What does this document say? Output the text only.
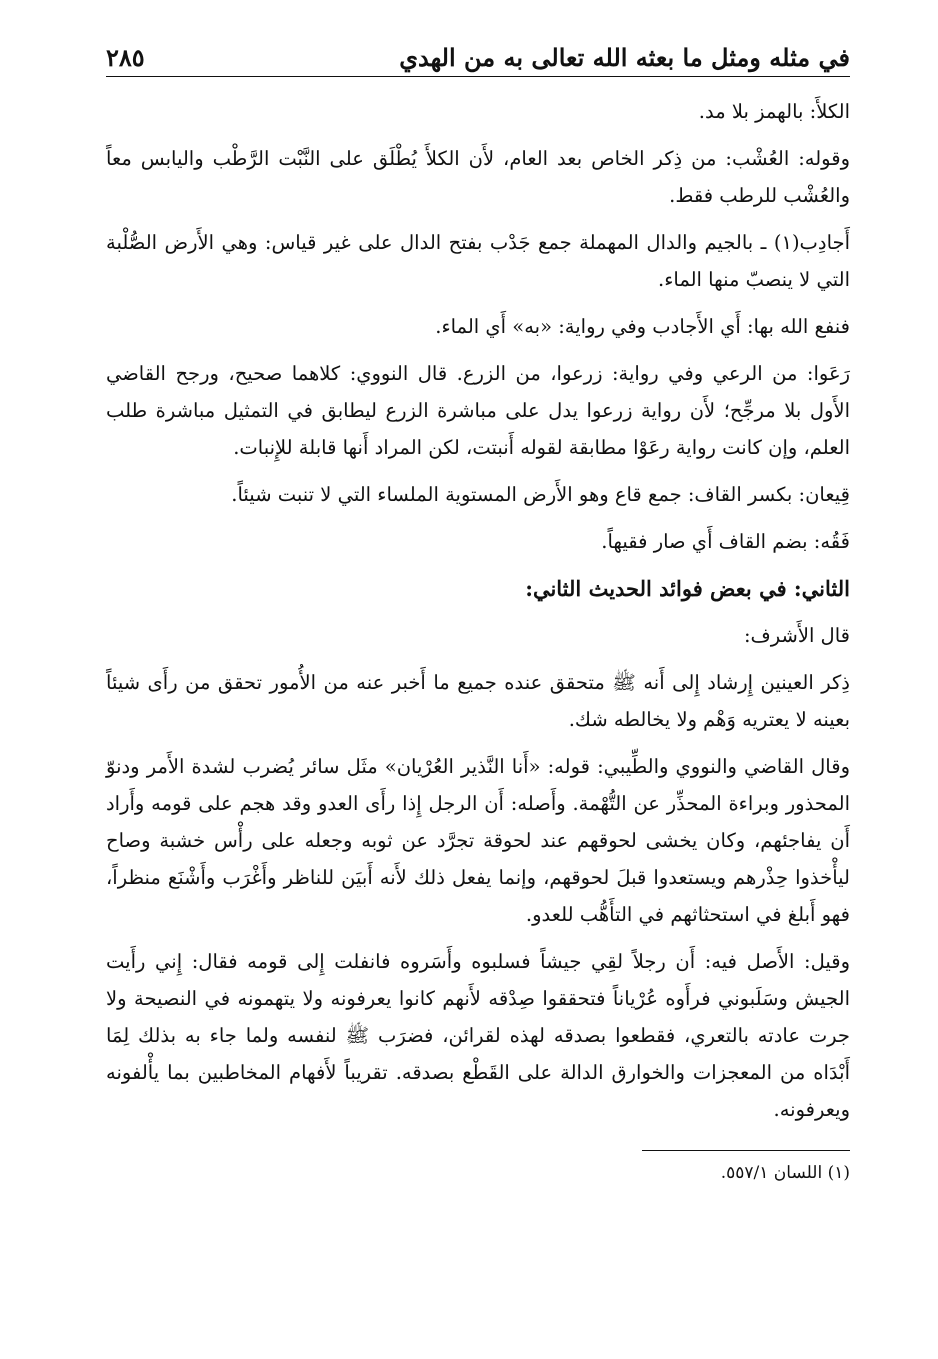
في مثله ومثل ما بعثه الله تعالى به من الهدي
٢٨٥

الكلأَ: بالهمز بلا مد.

وقوله: العُشْب: من ذِكر الخاص بعد العام، لأَن الكلأَ يُطْلَق على النَّبْت الرَّطْب واليابس معاً والعُشْب للرطب فقط.

أَجادِب(١) ـ بالجيم والدال المهملة جمع جَدْب بفتح الدال على غير قياس: وهي الأَرض الصُّلْبة التي لا ينصبّ منها الماء.

فنفع الله بها: أَي الأَجادب وفي رواية: «به» أَي الماء.

رَعَوا: من الرعي وفي رواية: زرعوا، من الزرع. قال النووي: كلاهما صحيح، ورجح القاضي الأَول بلا مرجِّح؛ لأَن رواية زرعوا يدل على مباشرة الزرع ليطابق في التمثيل مباشرة طلب العلم، وإن كانت رواية رعَوْا مطابقة لقوله أَنبتت، لكن المراد أَنها قابلة للإِنبات.

قِيعان: بكسر القاف: جمع قاع وهو الأَرض المستوية الملساء التي لا تنبت شيئاً.

فَقُه: بضم القاف أَي صار فقيهاً.

الثاني: في بعض فوائد الحديث الثاني:

قال الأَشرف:

ذِكر العينين إِرشاد إِلى أَنه ﷺ متحقق عنده جميع ما أَخبر عنه من الأُمور تحقق من رأَى شيئاً بعينه لا يعتريه وَهْم ولا يخالطه شك.

وقال القاضي والنووي والطِّيبي: قوله: «أَنا النَّذير العُرْيان» مثَل سائر يُضرب لشدة الأَمر ودنوّ المحذور وبراءة المحذِّر عن التُّهْمة. وأَصله: أَن الرجل إِذا رأَى العدو وقد هجم على قومه وأَراد أَن يفاجئهم، وكان يخشى لحوقهم عند لحوقة تجرَّد عن ثوبه وجعله على رأْس خشبة وصاح ليأْخذوا حِذْرهم ويستعدوا قبلَ لحوقهم، وإنما يفعل ذلك لأَنه أَبيَن للناظر وأَغْرَب وأَشْنَع منظراً، فهو أَبلغ في استحثاثهم في التأَهُّب للعدو.

وقيل: الأَصل فيه: أَن رجلاً لقِي جيشاً فسلبوه وأَسَروه فانفلت إِلى قومه فقال: إِني رأَيت الجيش وسَلَبوني فرأَوه عُرْياناً فتحققوا صِدْقه لأَنهم كانوا يعرفونه ولا يتهمونه في النصيحة ولا جرت عادته بالتعري، فقطعوا بصدقه لهذه لقرائن، فضرَب ﷺ لنفسه ولما جاء به بذلك لِمَا أَبْدَاه من المعجزات والخوارق الدالة على القَطْع بصدقه. تقريباً لأَفهام المخاطبين بما يأْلفونه ويعرفونه.

(١) اللسان ٥٥٧/١.
